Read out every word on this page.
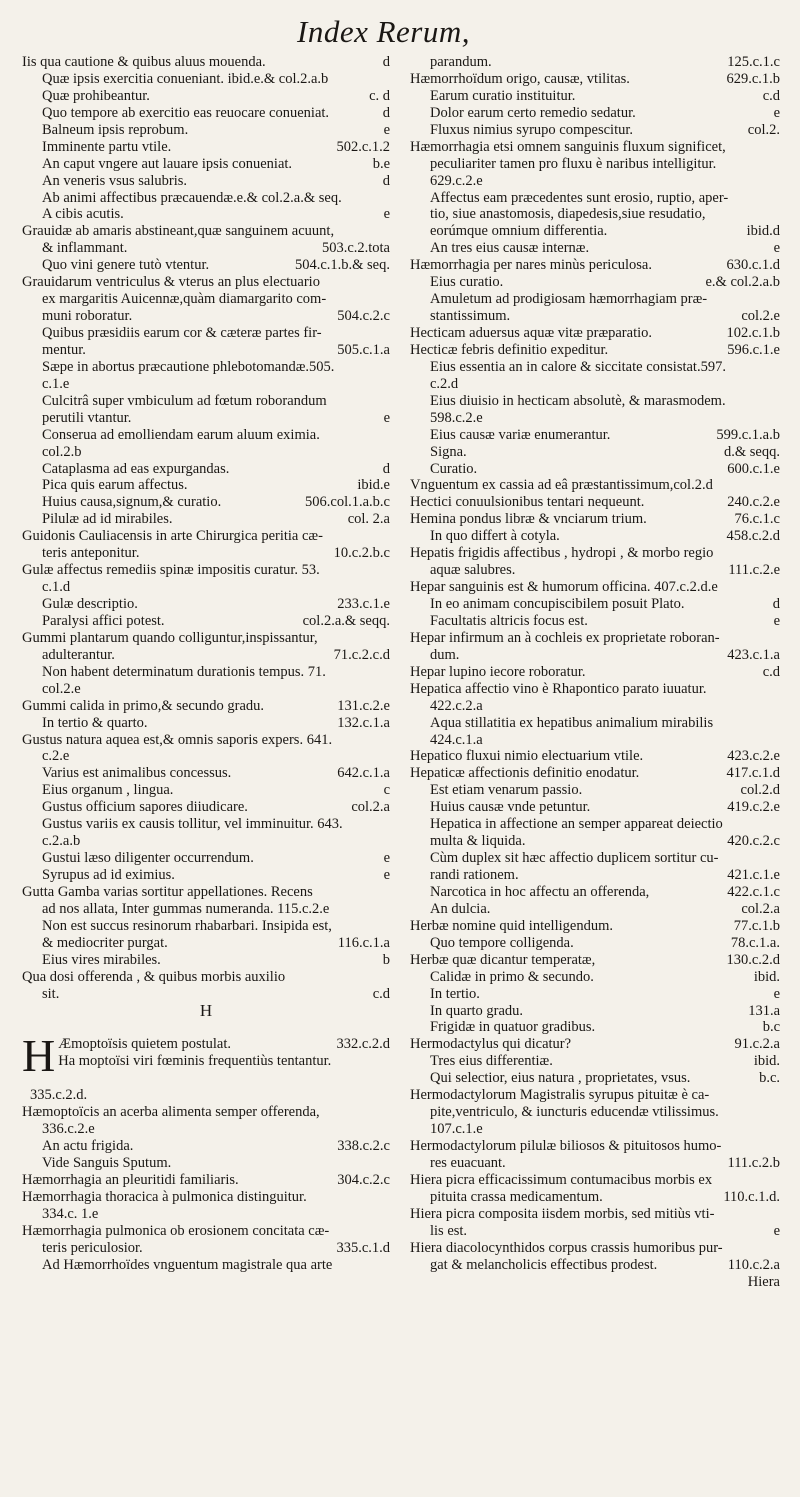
Index Rerum,
Iis qua cautione & quibus aluus mouenda.	d
Quæ ipsis exercitia conueniant. ibid.e.& col.2.a.b
Quæ prohibeantur.	c. d
Quo tempore ab exercitio eas reuocare conueniat.	d
Balneum ipsis reprobum.	e
Imminente partu vtile.	502.c.1.2
An caput vngere aut lauare ipsis conueniat.	b.e
An veneris vsus salubris.	d
Ab animi affectibus præcauendæ.e.& col.2.a.& seq.
A cibis acutis.	e
Grauidæ ab amaris abstineant,quæ sanguinem acuunt,
& inflammant.	503.c.2.tota
Quo vini genere tutò vtentur.	504.c.1.b.& seq.
Grauidarum ventriculus & vterus an plus electuario
ex margaritis Auicennæ,quàm diamargarito com-
muni roboratur.	504.c.2.c
Quibus præsidiis earum cor & cæteræ partes fir-
mentur.	505.c.1.a
Sæpe in abortus præcautione phlebotomandæ.505.
c.1.e
Culcitrâ super vmbiculum ad fœtum roborandum
perutili vtantur.	e
Conserua ad emolliendam earum aluum eximia.
col.2.b
Cataplasma ad eas expurgandas.	d
Pica quis earum affectus.	ibid.e
Huius causa,signum,& curatio.	506.col.1.a.b.c
Pilulæ ad id mirabiles.	col. 2.a
Guidonis Cauliacensis in arte Chirurgica peritia cæ-
teris anteponitur.	10.c.2.b.c
Gulæ affectus remediis spinæ impositis curatur. 53.
c.1.d
Gulæ descriptio.	233.c.1.e
Paralysi affici potest.	col.2.a.& seqq.
Gummi plantarum quando colliguntur,inspissantur,
adulterantur.	71.c.2.c.d
Non habent determinatum durationis tempus. 71.
col.2.e
Gummi calida in primo,& secundo gradu.	131.c.2.e
In tertio & quarto.	132.c.1.a
Gustus natura aquea est,& omnis saporis expers. 641.
c.2.e
Varius est animalibus concessus.	642.c.1.a
Eius organum , lingua.	c
Gustus officium sapores diiudicare.	col.2.a
Gustus variis ex causis tollitur, vel imminuitur. 643.
c.2.a.b
Gustui læso diligenter occurrendum.	e
Syrupus ad id eximius.	e
Gutta Gamba varias sortitur appellationes. Recens
ad nos allata, Inter gummas numeranda. 115.c.2.e
Non est succus resinorum rhabarbari. Insipida est,
& mediocriter purgat.	116.c.1.a
Eius vires mirabiles.	b
Qua dosi offerenda , & quibus morbis auxilio
sit.	c.d
H
H Æmoptoïsis quietem postulat.	332.c.2.d
Ha moptoïsi viri fœminis frequentiùs tentantur.
335.c.2.d.
Hæmoptoïcis an acerba alimenta semper offerenda,
336.c.2.e
An actu frigida.	338.c.2.c
Vide Sanguis Sputum.
Hæmorrhagia an pleuritidi familiaris.	304.c.2.c
Hæmorrhagia thoracica à pulmonica distinguitur.
334.c. 1.e
Hæmorrhagia pulmonica ob erosionem concitata cæ-
teris periculosior.	335.c.1.d
Ad Hæmorrhoïdes vnguentum magistrale qua arte
parandum.	125.c.1.c
Hæmorrhoïdum origo, causæ, vtilitas.	629.c.1.b
Earum curatio instituitur.	c.d
Dolor earum certo remedio sedatur.	e
Fluxus nimius syrupo compescitur.	col.2.
Hæmorrhagia etsi omnem sanguinis fluxum significet,
peculiariter tamen pro fluxu è naribus intelligitur.
629.c.2.e
Affectus eam præcedentes sunt erosio, ruptio, aper-
tio, siue anastomosis, diapedesis,siue resudatio,
eorúmque omnium differentia.	ibid.d
An tres eius causæ internæ.	e
Hæmorrhagia per nares minùs periculosa.	630.c.1.d
Eius curatio.	e.& col.2.a.b
Amuletum ad prodigiosam hæmorrhagiam præ-
stantissimum.	col.2.e
Hecticam aduersus aquæ vitæ præparatio.	102.c.1.b
Hecticæ febris definitio expeditur.	596.c.1.e
Eius essentia an in calore & siccitate consistat.597.
c.2.d
Eius diuisio in hecticam absolutè, & marasmodem.
598.c.2.e
Eius causæ variæ enumerantur.	599.c.1.a.b
Signa.	d.& seqq.
Curatio.	600.c.1.e
Vnguentum ex cassia ad eâ præstantissimum,col.2.d
Hectici conuulsionibus tentari nequeunt.	240.c.2.e
Hemina pondus libræ & vnciarum trium.	76.c.1.c
In quo differt à cotyla.	458.c.2.d
Hepatis frigidis affectibus , hydropi , & morbo regio
aquæ salubres.	111.c.2.e
Hepar sanguinis est & humorum officina. 407.c.2.d.e
In eo animam concupiscibilem posuit Plato.	d
Facultatis altricis focus est.	e
Hepar infirmum an à cochleis ex proprietate roboran-
dum.	423.c.1.a
Hepar lupino iecore roboratur.	c.d
Hepatica affectio vino è Rhapontico parato iuuatur.
422.c.2.a
Aqua stillatitia ex hepatibus animalium mirabilis
424.c.1.a
Hepatico fluxui nimio electuarium vtile.	423.c.2.e
Hepaticæ affectionis definitio enodatur.	417.c.1.d
Est etiam venarum passio.	col.2.d
Huius causæ vnde petuntur.	419.c.2.e
Hepatica in affectione an semper appareat deiectio
multa & liquida.	420.c.2.c
Cùm duplex sit hæc affectio duplicem sortitur cu-
randi rationem.	421.c.1.e
Narcotica in hoc affectu an offerenda,	422.c.1.c
An dulcia.	col.2.a
Herbæ nomine quid intelligendum.	77.c.1.b
Quo tempore colligenda.	78.c.1.a.
Herbæ quæ dicantur temperatæ,	130.c.2.d
Calidæ in primo & secundo.	ibid.
In tertio.	e
In quarto gradu.	131.a
Frigidæ in quatuor gradibus.	b.c
Hermodactylus qui dicatur?	91.c.2.a
Tres eius differentiæ.	ibid.
Qui selectior, eius natura , proprietates, vsus.	b.c.
Hermodactylorum Magistralis syrupus pituitæ è ca-
pite,ventriculo, & iuncturis educendæ vtilissimus.
107.c.1.e
Hermodactylorum pilulæ biliosos & pituitosos humo-
res euacuant.	111.c.2.b
Hiera picra efficacissimum contumacibus morbis ex
pituita crassa medicamentum.	110.c.1.d.
Hiera picra composita iisdem morbis, sed mitiùs vti-
lis est.	e
Hiera diacolocynthidos corpus crassis humoribus pur-
gat & melancholicis effectibus prodest.	110.c.2.a
Hiera
